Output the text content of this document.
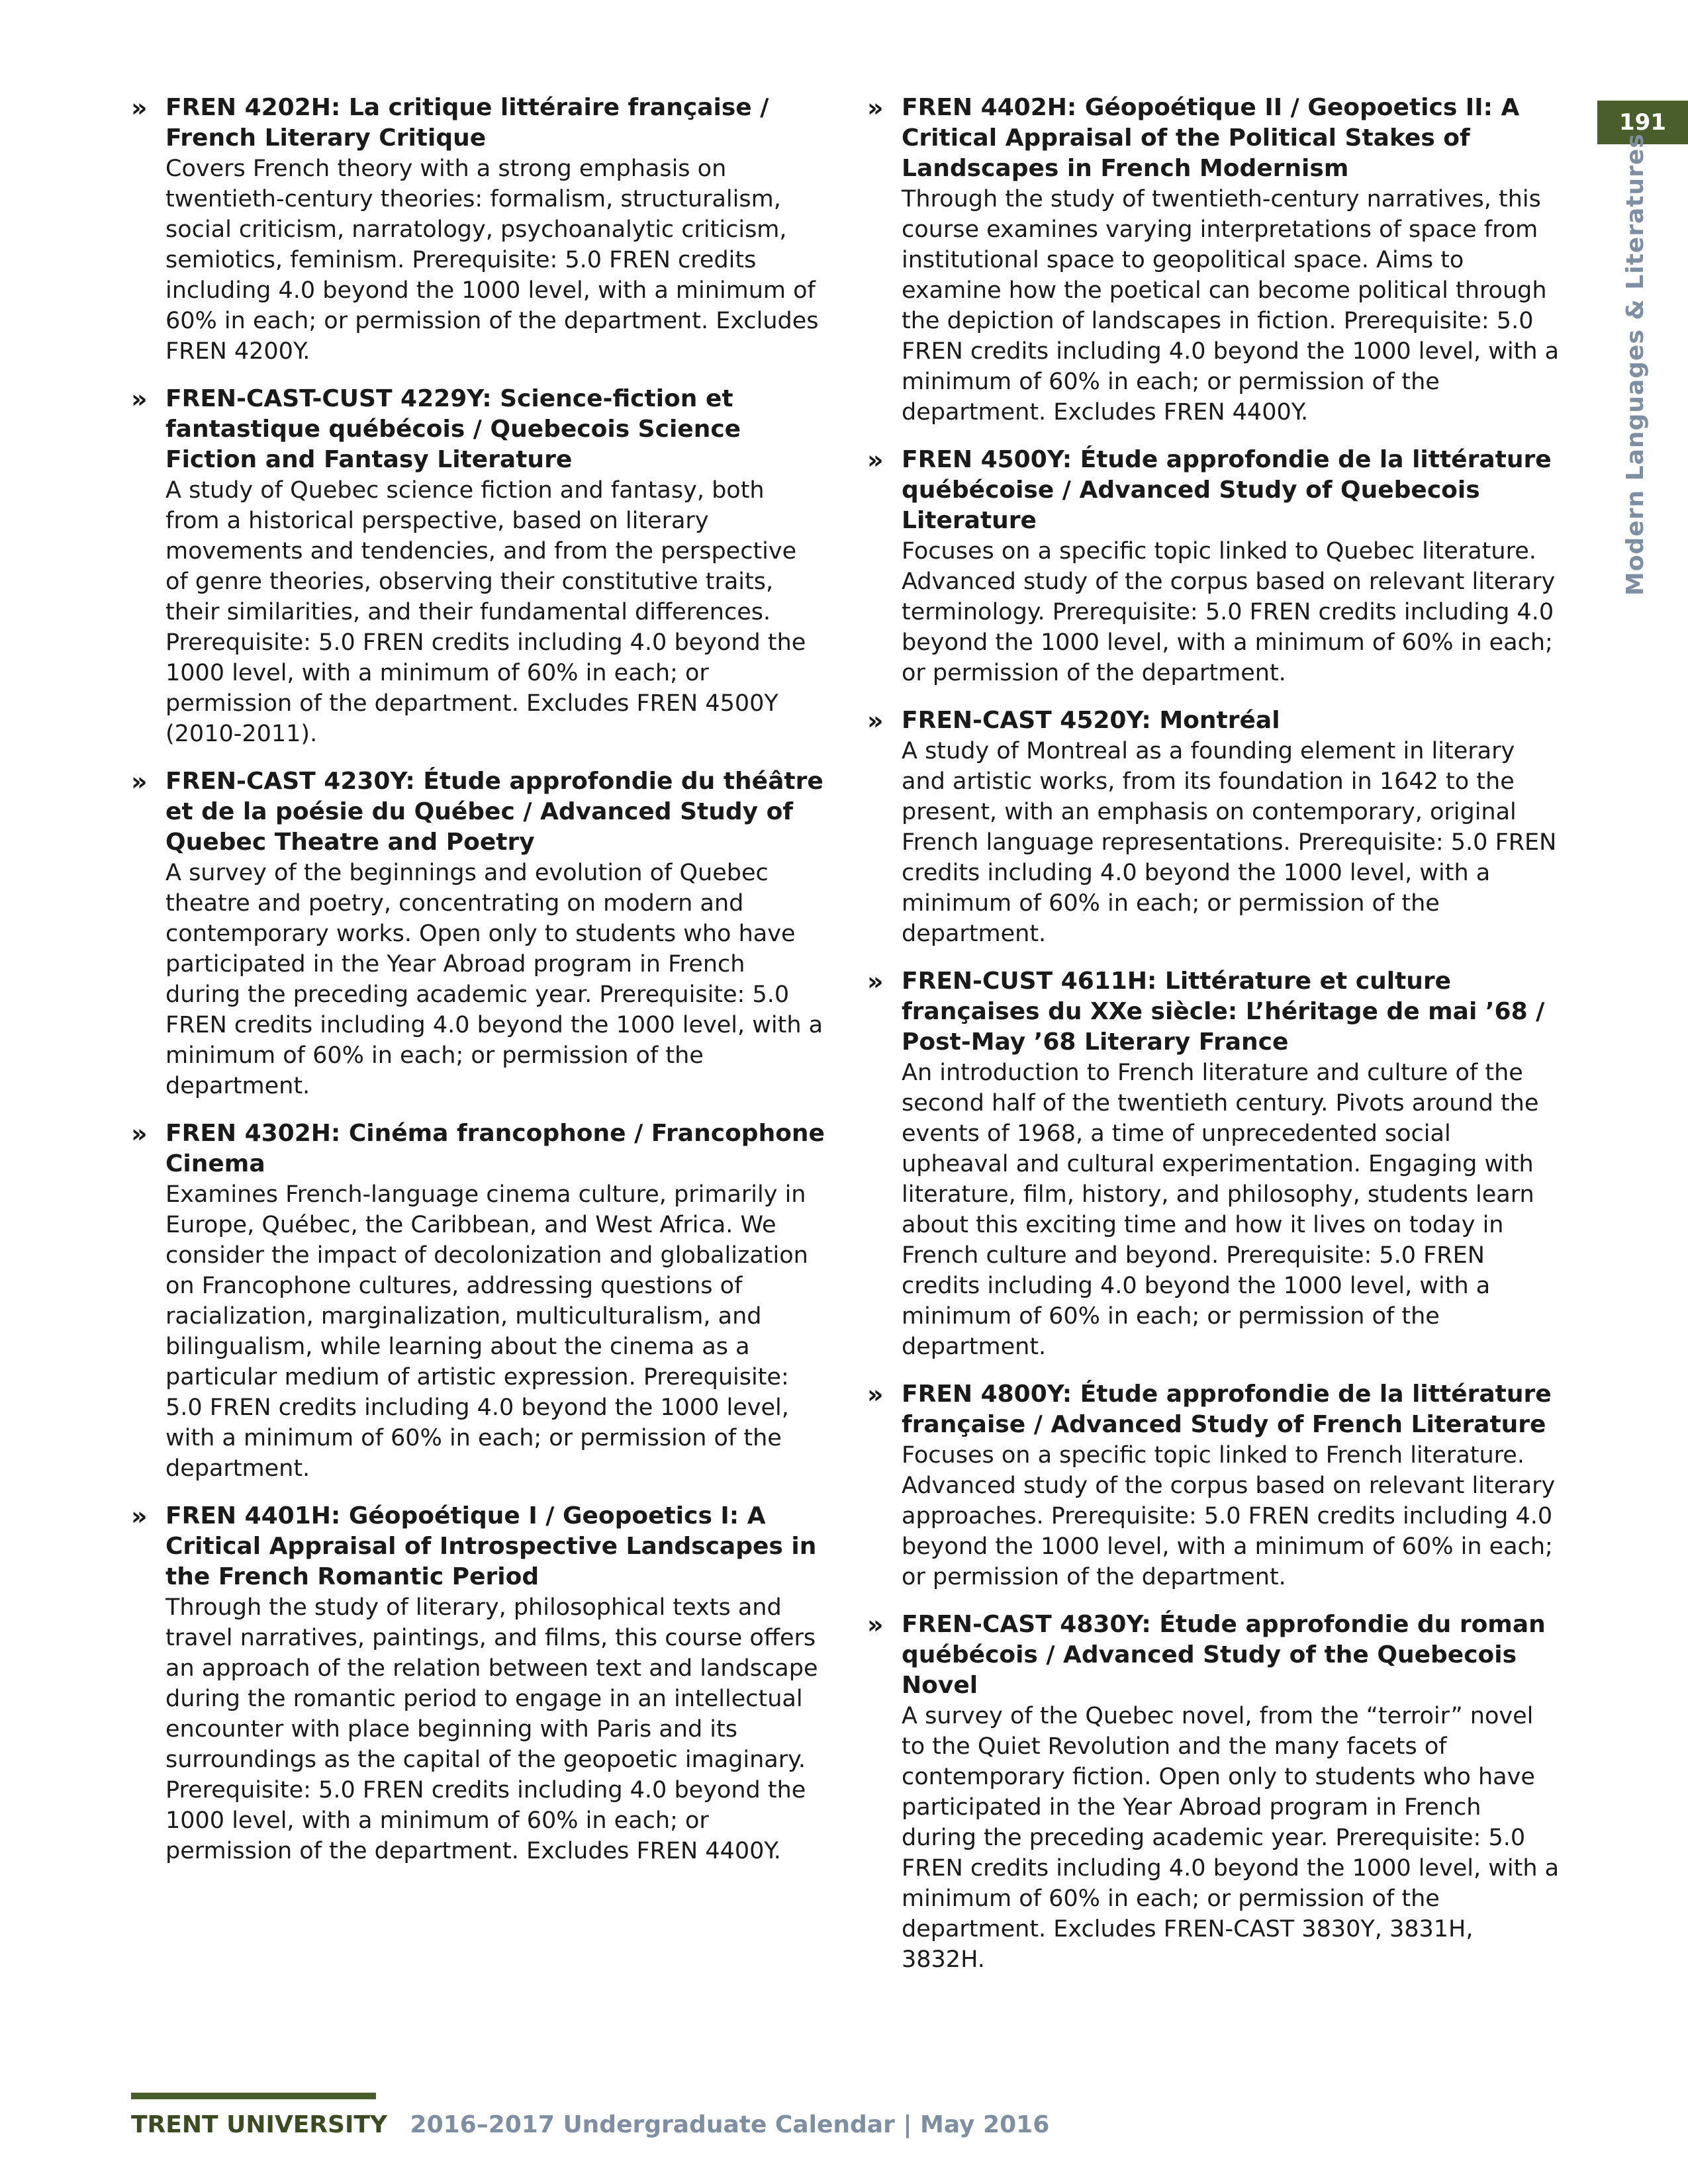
» FREN 4202H: La critique littéraire française / French Literary Critique

Covers French theory with a strong emphasis on twentieth-century theories: formalism, structuralism, social criticism, narratology, psychoanalytic criticism, semiotics, feminism. Prerequisite: 5.0 FREN credits including 4.0 beyond the 1000 level, with a minimum of 60% in each; or permission of the department. Excludes FREN 4200Y.

» FREN-CAST-CUST 4229Y: Science-fiction et fantastique québécois / Quebecois Science Fiction and Fantasy Literature

A study of Quebec science fiction and fantasy, both from a historical perspective, based on literary movements and tendencies, and from the perspective of genre theories, observing their constitutive traits, their similarities, and their fundamental differences. Prerequisite: 5.0 FREN credits including 4.0 beyond the 1000 level, with a minimum of 60% in each; or permission of the department. Excludes FREN 4500Y (2010-2011).

» FREN-CAST 4230Y: Étude approfondie du théâtre et de la poésie du Québec / Advanced Study of Quebec Theatre and Poetry

A survey of the beginnings and evolution of Quebec theatre and poetry, concentrating on modern and contemporary works. Open only to students who have participated in the Year Abroad program in French during the preceding academic year. Prerequisite: 5.0 FREN credits including 4.0 beyond the 1000 level, with a minimum of 60% in each; or permission of the department.

» FREN 4302H: Cinéma francophone / Francophone Cinema

Examines French-language cinema culture, primarily in Europe, Québec, the Caribbean, and West Africa. We consider the impact of decolonization and globalization on Francophone cultures, addressing questions of racialization, marginalization, multiculturalism, and bilingualism, while learning about the cinema as a particular medium of artistic expression. Prerequisite: 5.0 FREN credits including 4.0 beyond the 1000 level, with a minimum of 60% in each; or permission of the department.

» FREN 4401H: Géopoétique I / Geopoetics I: A Critical Appraisal of Introspective Landscapes in the French Romantic Period

Through the study of literary, philosophical texts and travel narratives, paintings, and films, this course offers an approach of the relation between text and landscape during the romantic period to engage in an intellectual encounter with place beginning with Paris and its surroundings as the capital of the geopoetic imaginary. Prerequisite: 5.0 FREN credits including 4.0 beyond the 1000 level, with a minimum of 60% in each; or permission of the department. Excludes FREN 4400Y.

» FREN 4402H: Géopoétique II / Geopoetics II: A Critical Appraisal of the Political Stakes of Landscapes in French Modernism

Through the study of twentieth-century narratives, this course examines varying interpretations of space from institutional space to geopolitical space. Aims to examine how the poetical can become political through the depiction of landscapes in fiction. Prerequisite: 5.0 FREN credits including 4.0 beyond the 1000 level, with a minimum of 60% in each; or permission of the department. Excludes FREN 4400Y.

» FREN 4500Y: Étude approfondie de la littérature québécoise / Advanced Study of Quebecois Literature

Focuses on a specific topic linked to Quebec literature. Advanced study of the corpus based on relevant literary terminology. Prerequisite: 5.0 FREN credits including 4.0 beyond the 1000 level, with a minimum of 60% in each; or permission of the department.

» FREN-CAST 4520Y: Montréal

A study of Montreal as a founding element in literary and artistic works, from its foundation in 1642 to the present, with an emphasis on contemporary, original French language representations. Prerequisite: 5.0 FREN credits including 4.0 beyond the 1000 level, with a minimum of 60% in each; or permission of the department.

» FREN-CUST 4611H: Littérature et culture françaises du XXe siècle: L’héritage de mai ’68 / Post-May ’68 Literary France

An introduction to French literature and culture of the second half of the twentieth century. Pivots around the events of 1968, a time of unprecedented social upheaval and cultural experimentation. Engaging with literature, film, history, and philosophy, students learn about this exciting time and how it lives on today in French culture and beyond. Prerequisite: 5.0 FREN credits including 4.0 beyond the 1000 level, with a minimum of 60% in each; or permission of the department.

» FREN 4800Y: Étude approfondie de la littérature française / Advanced Study of French Literature

Focuses on a specific topic linked to French literature. Advanced study of the corpus based on relevant literary approaches. Prerequisite: 5.0 FREN credits including 4.0 beyond the 1000 level, with a minimum of 60% in each; or permission of the department.

» FREN-CAST 4830Y: Étude approfondie du roman québécois / Advanced Study of the Quebecois Novel

A survey of the Quebec novel, from the “terroir” novel to the Quiet Revolution and the many facets of contemporary fiction. Open only to students who have participated in the Year Abroad program in French during the preceding academic year. Prerequisite: 5.0 FREN credits including 4.0 beyond the 1000 level, with a minimum of 60% in each; or permission of the department. Excludes FREN-CAST 3830Y, 3831H, 3832H.

191
Modern Languages & Literatures
TRENT UNIVERSITY 2016–2017 Undergraduate Calendar | May 2016
